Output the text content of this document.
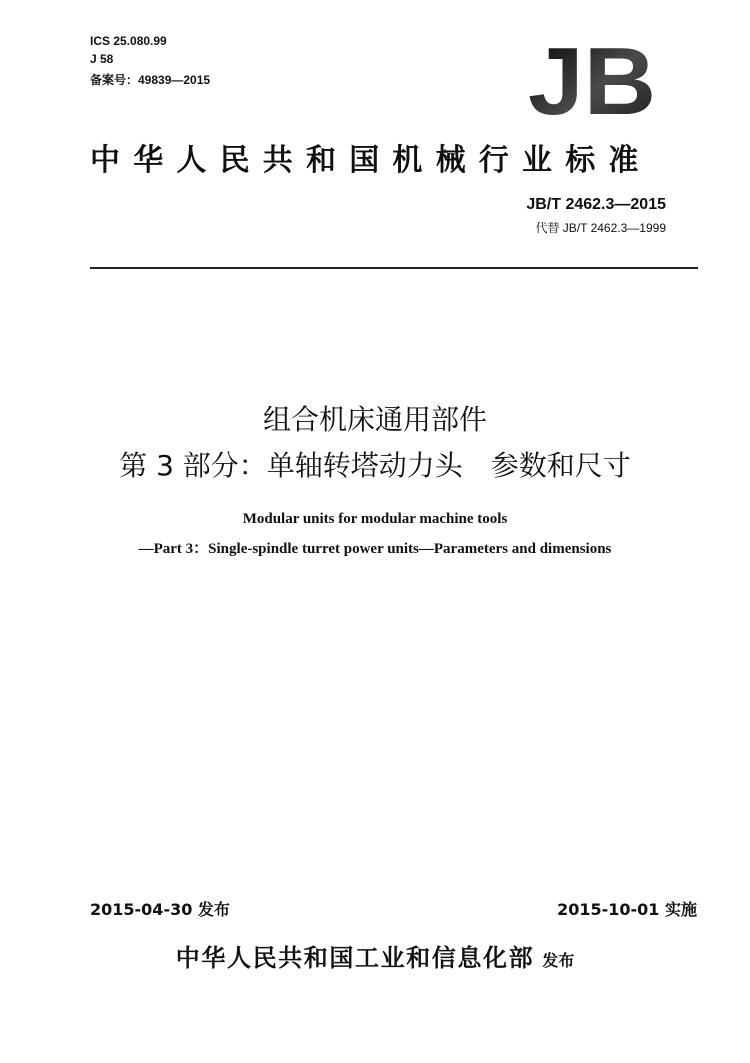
ICS 25.080.99
J 58
备案号：49839—2015	JB
中华人民共和国机械行业标准
JB/T 2462.3—2015
代替 JB/T 2462.3—1999
组合机床通用部件
第 3 部分：单轴转塔动力头　参数和尺寸
Modular units for modular machine tools
—Part 3：Single-spindle turret power units—Parameters and dimensions
2015-04-30 发布	2015-10-01 实施
中华人民共和国工业和信息化部 发布
